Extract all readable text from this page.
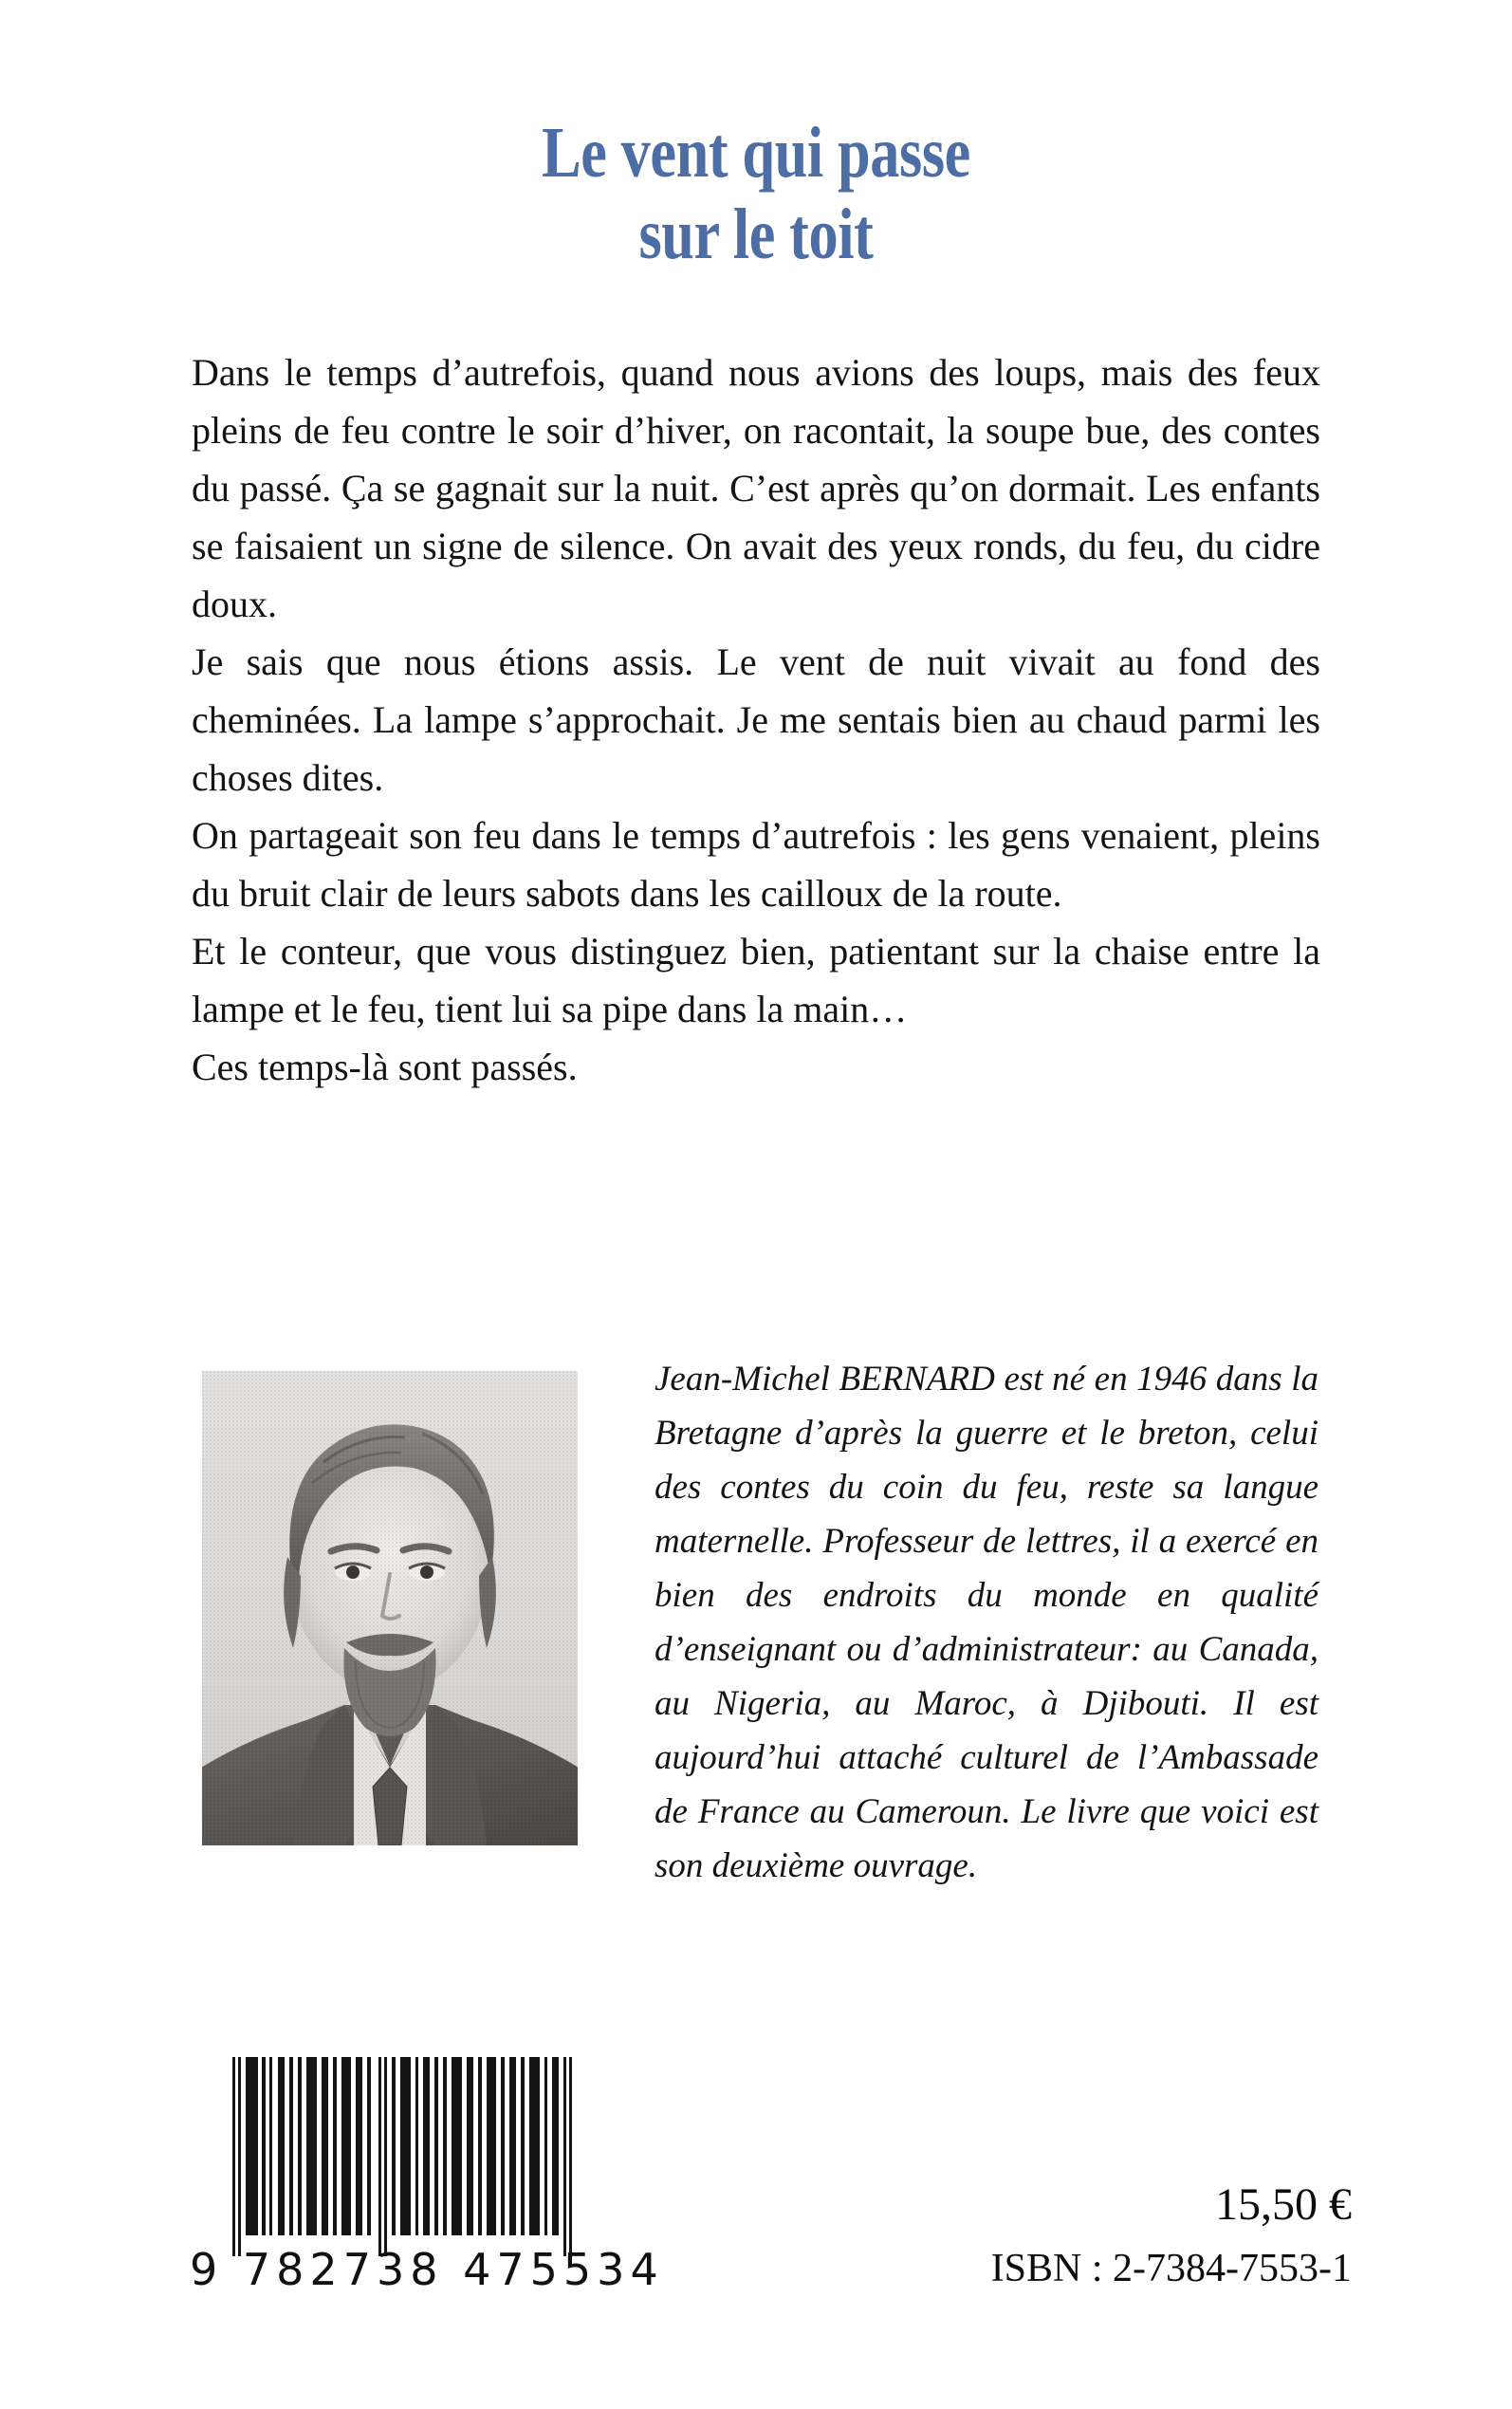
Le vent qui passe
sur le toit

Dans le temps d’autrefois, quand nous avions des loups, mais des feux pleins de feu contre le soir d’hiver, on racontait, la soupe bue, des contes du passé. Ça se gagnait sur la nuit. C’est après qu’on dormait. Les enfants se faisaient un signe de silence. On avait des yeux ronds, du feu, du cidre doux.

Je sais que nous étions assis. Le vent de nuit vivait au fond des cheminées. La lampe s’approchait. Je me sentais bien au chaud parmi les choses dites.

On partageait son feu dans le temps d’autrefois : les gens venaient, pleins du bruit clair de leurs sabots dans les cailloux de la route.

Et le conteur, que vous distinguez bien, patientant sur la chaise entre la lampe et le feu, tient lui sa pipe dans la main…

Ces temps-là sont passés.

Jean-Michel BERNARD est né en 1946 dans la Bretagne d’après la guerre et le breton, celui des contes du coin du feu, reste sa langue maternelle. Professeur de lettres, il a exercé en bien des endroits du monde en qualité d’enseignant ou d’administrateur: au Canada, au Nigeria, au Maroc, à Djibouti. Il est aujourd’hui attaché culturel de l’Ambassade de France au Cameroun. Le livre que voici est son deuxième ouvrage.

9 782738 475534
15,50 €
ISBN : 2-7384-7553-1
